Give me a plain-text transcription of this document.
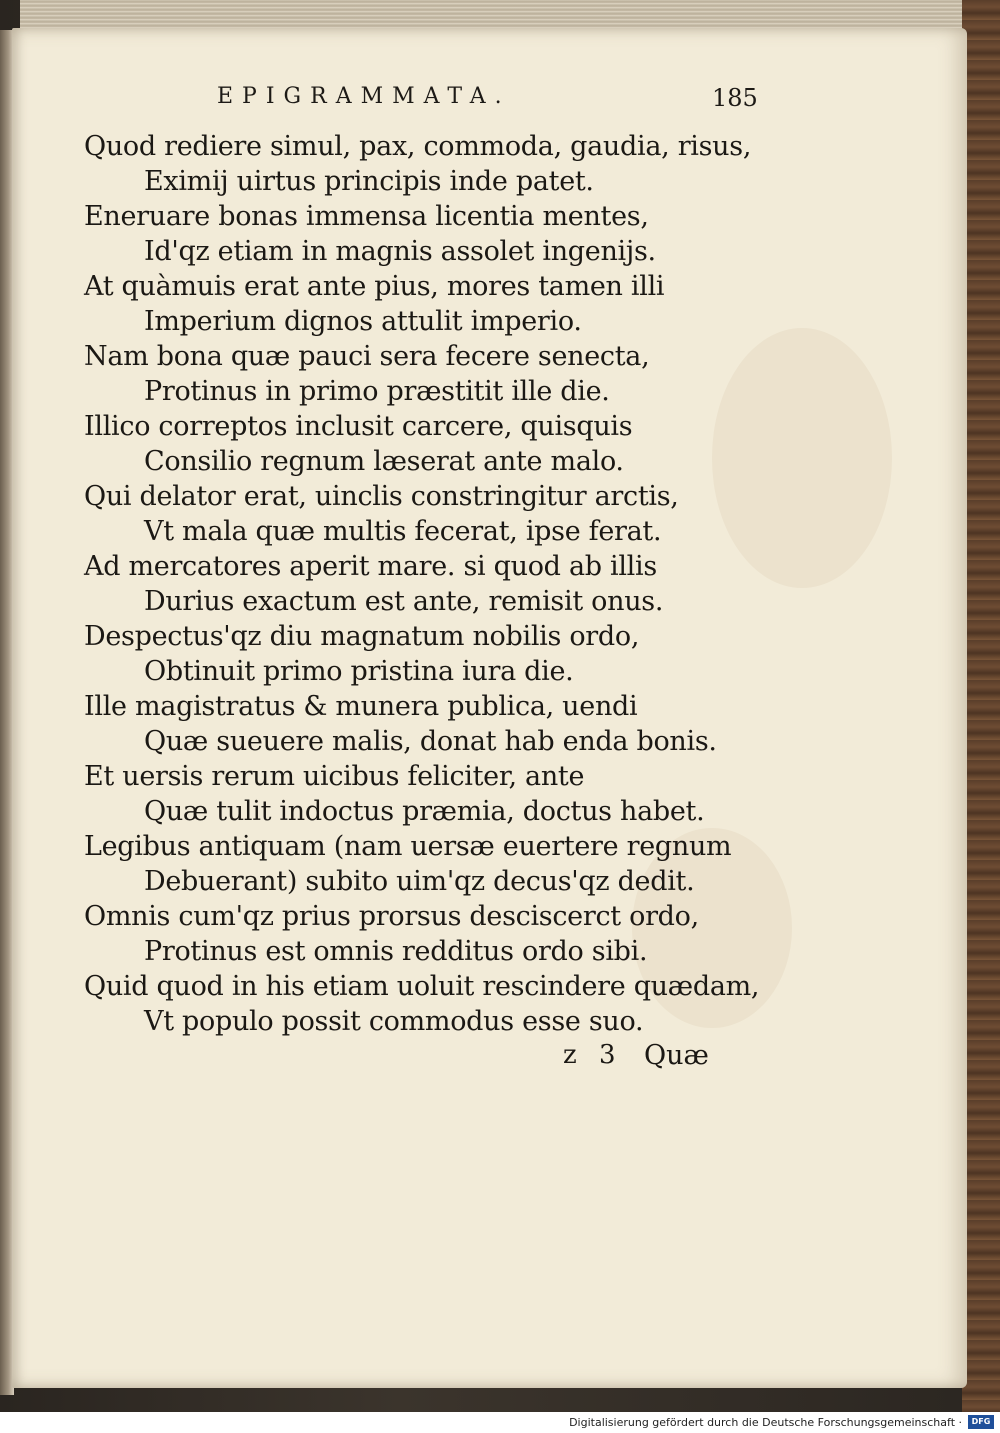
EPIGRAMMATA.	185
Quod rediere simul, pax, commoda, gaudia, risus,
Eximij uirtus principis inde patet.
Eneruare bonas immensa licentia mentes,
Id'qz etiam in magnis assolet ingenijs.
At quàmuis erat ante pius, mores tamen illi
Imperium dignos attulit imperio.
Nam bona quæ pauci sera fecere senecta,
Protinus in primo præstitit ille die.
Illico correptos inclusit carcere, quisquis
Consilio regnum læserat ante malo.
Qui delator erat, uinclis constringitur arctis,
Vt mala quæ multis fecerat, ipse ferat.
Ad mercatores aperit mare. si quod ab illis
Durius exactum est ante, remisit onus.
Despectus'qz diu magnatum nobilis ordo,
Obtinuit primo pristina iura die.
Ille magistratus & munera publica, uendi
Quæ sueuere malis, donat hab enda bonis.
Et uersis rerum uicibus feliciter, ante
Quæ tulit indoctus præmia, doctus habet.
Legibus antiquam (nam uersæ euertere regnum
Debuerant) subito uim'qz decus'qz dedit.
Omnis cum'qz prius prorsus desciscerct ordo,
Protinus est omnis redditus ordo sibi.
Quid quod in his etiam uoluit rescindere quædam,
Vt populo possit commodus esse suo.
z 3 Quæ
Digitalisierung gefördert durch die Deutsche Forschungsgemeinschaft ·	DFG
